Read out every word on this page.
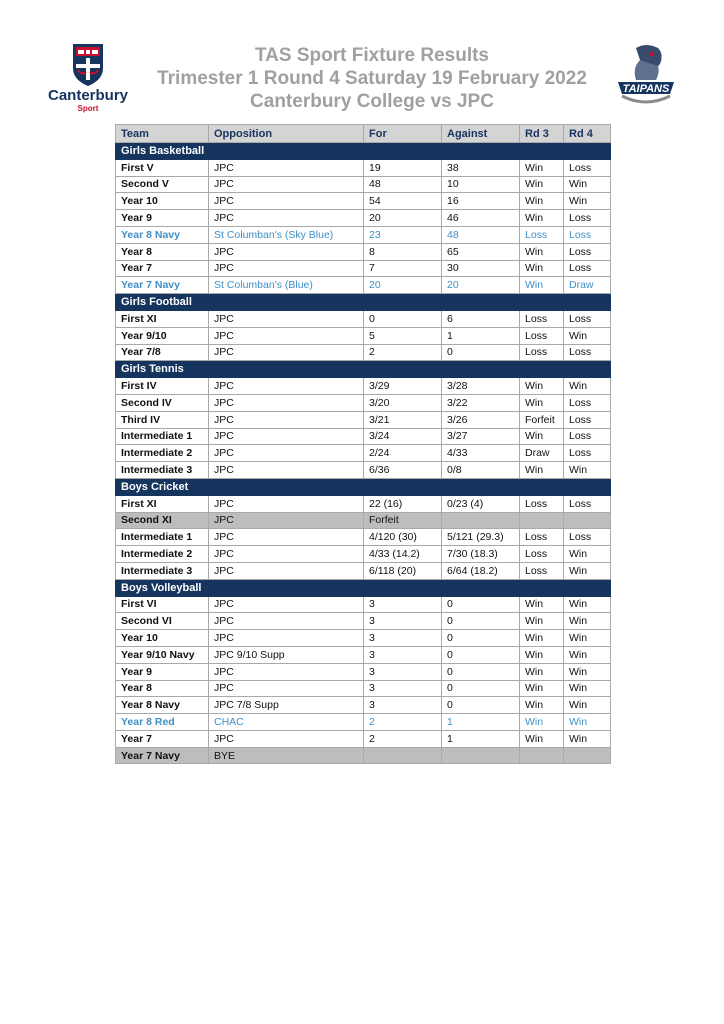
Canterbury
Sport
TAS Sport Fixture Results
Trimester 1 Round 4 Saturday 19 February 2022
Canterbury College vs JPC
TAIPANS
Team	Opposition	For	Against	Rd 3	Rd 4
Girls Basketball					
First V	JPC	19	38	Win	Loss
Second V	JPC	48	10	Win	Win
Year 10	JPC	54	16	Win	Win
Year 9	JPC	20	46	Win	Loss
Year 8 Navy	St Columban's (Sky Blue)	23	48	Loss	Loss
Year 8	JPC	8	65	Win	Loss
Year 7	JPC	7	30	Win	Loss
Year 7 Navy	St Columban's (Blue)	20	20	Win	Draw
Girls Football					
First XI	JPC	0	6	Loss	Loss
Year 9/10	JPC	5	1	Loss	Win
Year 7/8	JPC	2	0	Loss	Loss
Girls Tennis					
First IV	JPC	3/29	3/28	Win	Win
Second IV	JPC	3/20	3/22	Win	Loss
Third IV	JPC	3/21	3/26	Forfeit	Loss
Intermediate 1	JPC	3/24	3/27	Win	Loss
Intermediate 2	JPC	2/24	4/33	Draw	Loss
Intermediate 3	JPC	6/36	0/8	Win	Win
Boys Cricket					
First XI	JPC	22 (16)	0/23 (4)	Loss	Loss
Second XI	JPC	Forfeit			
Intermediate 1	JPC	4/120 (30)	5/121 (29.3)	Loss	Loss
Intermediate 2	JPC	4/33 (14.2)	7/30 (18.3)	Loss	Win
Intermediate 3	JPC	6/118 (20)	6/64 (18.2)	Loss	Win
Boys Volleyball					
First VI	JPC	3	0	Win	Win
Second VI	JPC	3	0	Win	Win
Year 10	JPC	3	0	Win	Win
Year 9/10 Navy	JPC 9/10 Supp	3	0	Win	Win
Year 9	JPC	3	0	Win	Win
Year 8	JPC	3	0	Win	Win
Year 8 Navy	JPC 7/8 Supp	3	0	Win	Win
Year 8 Red	CHAC	2	1	Win	Win
Year 7	JPC	2	1	Win	Win
Year 7 Navy	BYE				
